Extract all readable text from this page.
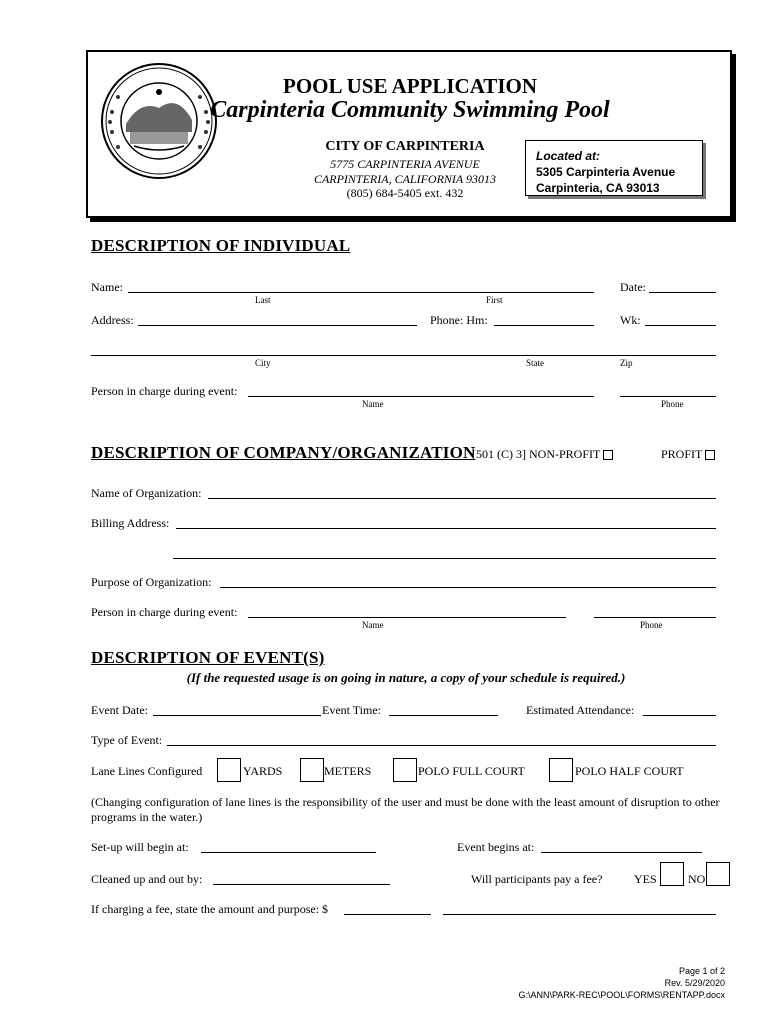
POOL USE APPLICATION
Carpinteria Community Swimming Pool
CITY OF CARPINTERIA
5775 CARPINTERIA AVENUE
CARPINTERIA, CALIFORNIA 93013
(805) 684-5405 ext. 432
Located at:
5305 Carpinteria Avenue
Carpinteria, CA 93013
DESCRIPTION OF INDIVIDUAL
Name:
Last	First
Date:
Address:	Phone: Hm:	Wk:
City	State	Zip
Person in charge during event:
Name	Phone
DESCRIPTION OF COMPANY/ORGANIZATION
[501 (C) 3] NON-PROFIT	PROFIT
Name of Organization:
Billing Address:
Purpose of Organization:
Person in charge during event:
Name	Phone
DESCRIPTION OF EVENT(S)
(If the requested usage is on going in nature, a copy of your schedule is required.)
Event Date:	Event Time:	Estimated Attendance:
Type of Event:
Lane Lines Configured	YARDS	METERS	POLO FULL COURT	POLO HALF COURT
(Changing configuration of lane lines is the responsibility of the user and must be done with the least amount of disruption to other programs in the water.)
Set-up will begin at:	Event begins at:
Cleaned up and out by:	Will participants pay a fee?	YES	NO
If charging a fee, state the amount and purpose: $
Page 1 of 2
Rev. 5/29/2020
G:\ANN\PARK-REC\POOL\FORMS\RENTAPP.docx
